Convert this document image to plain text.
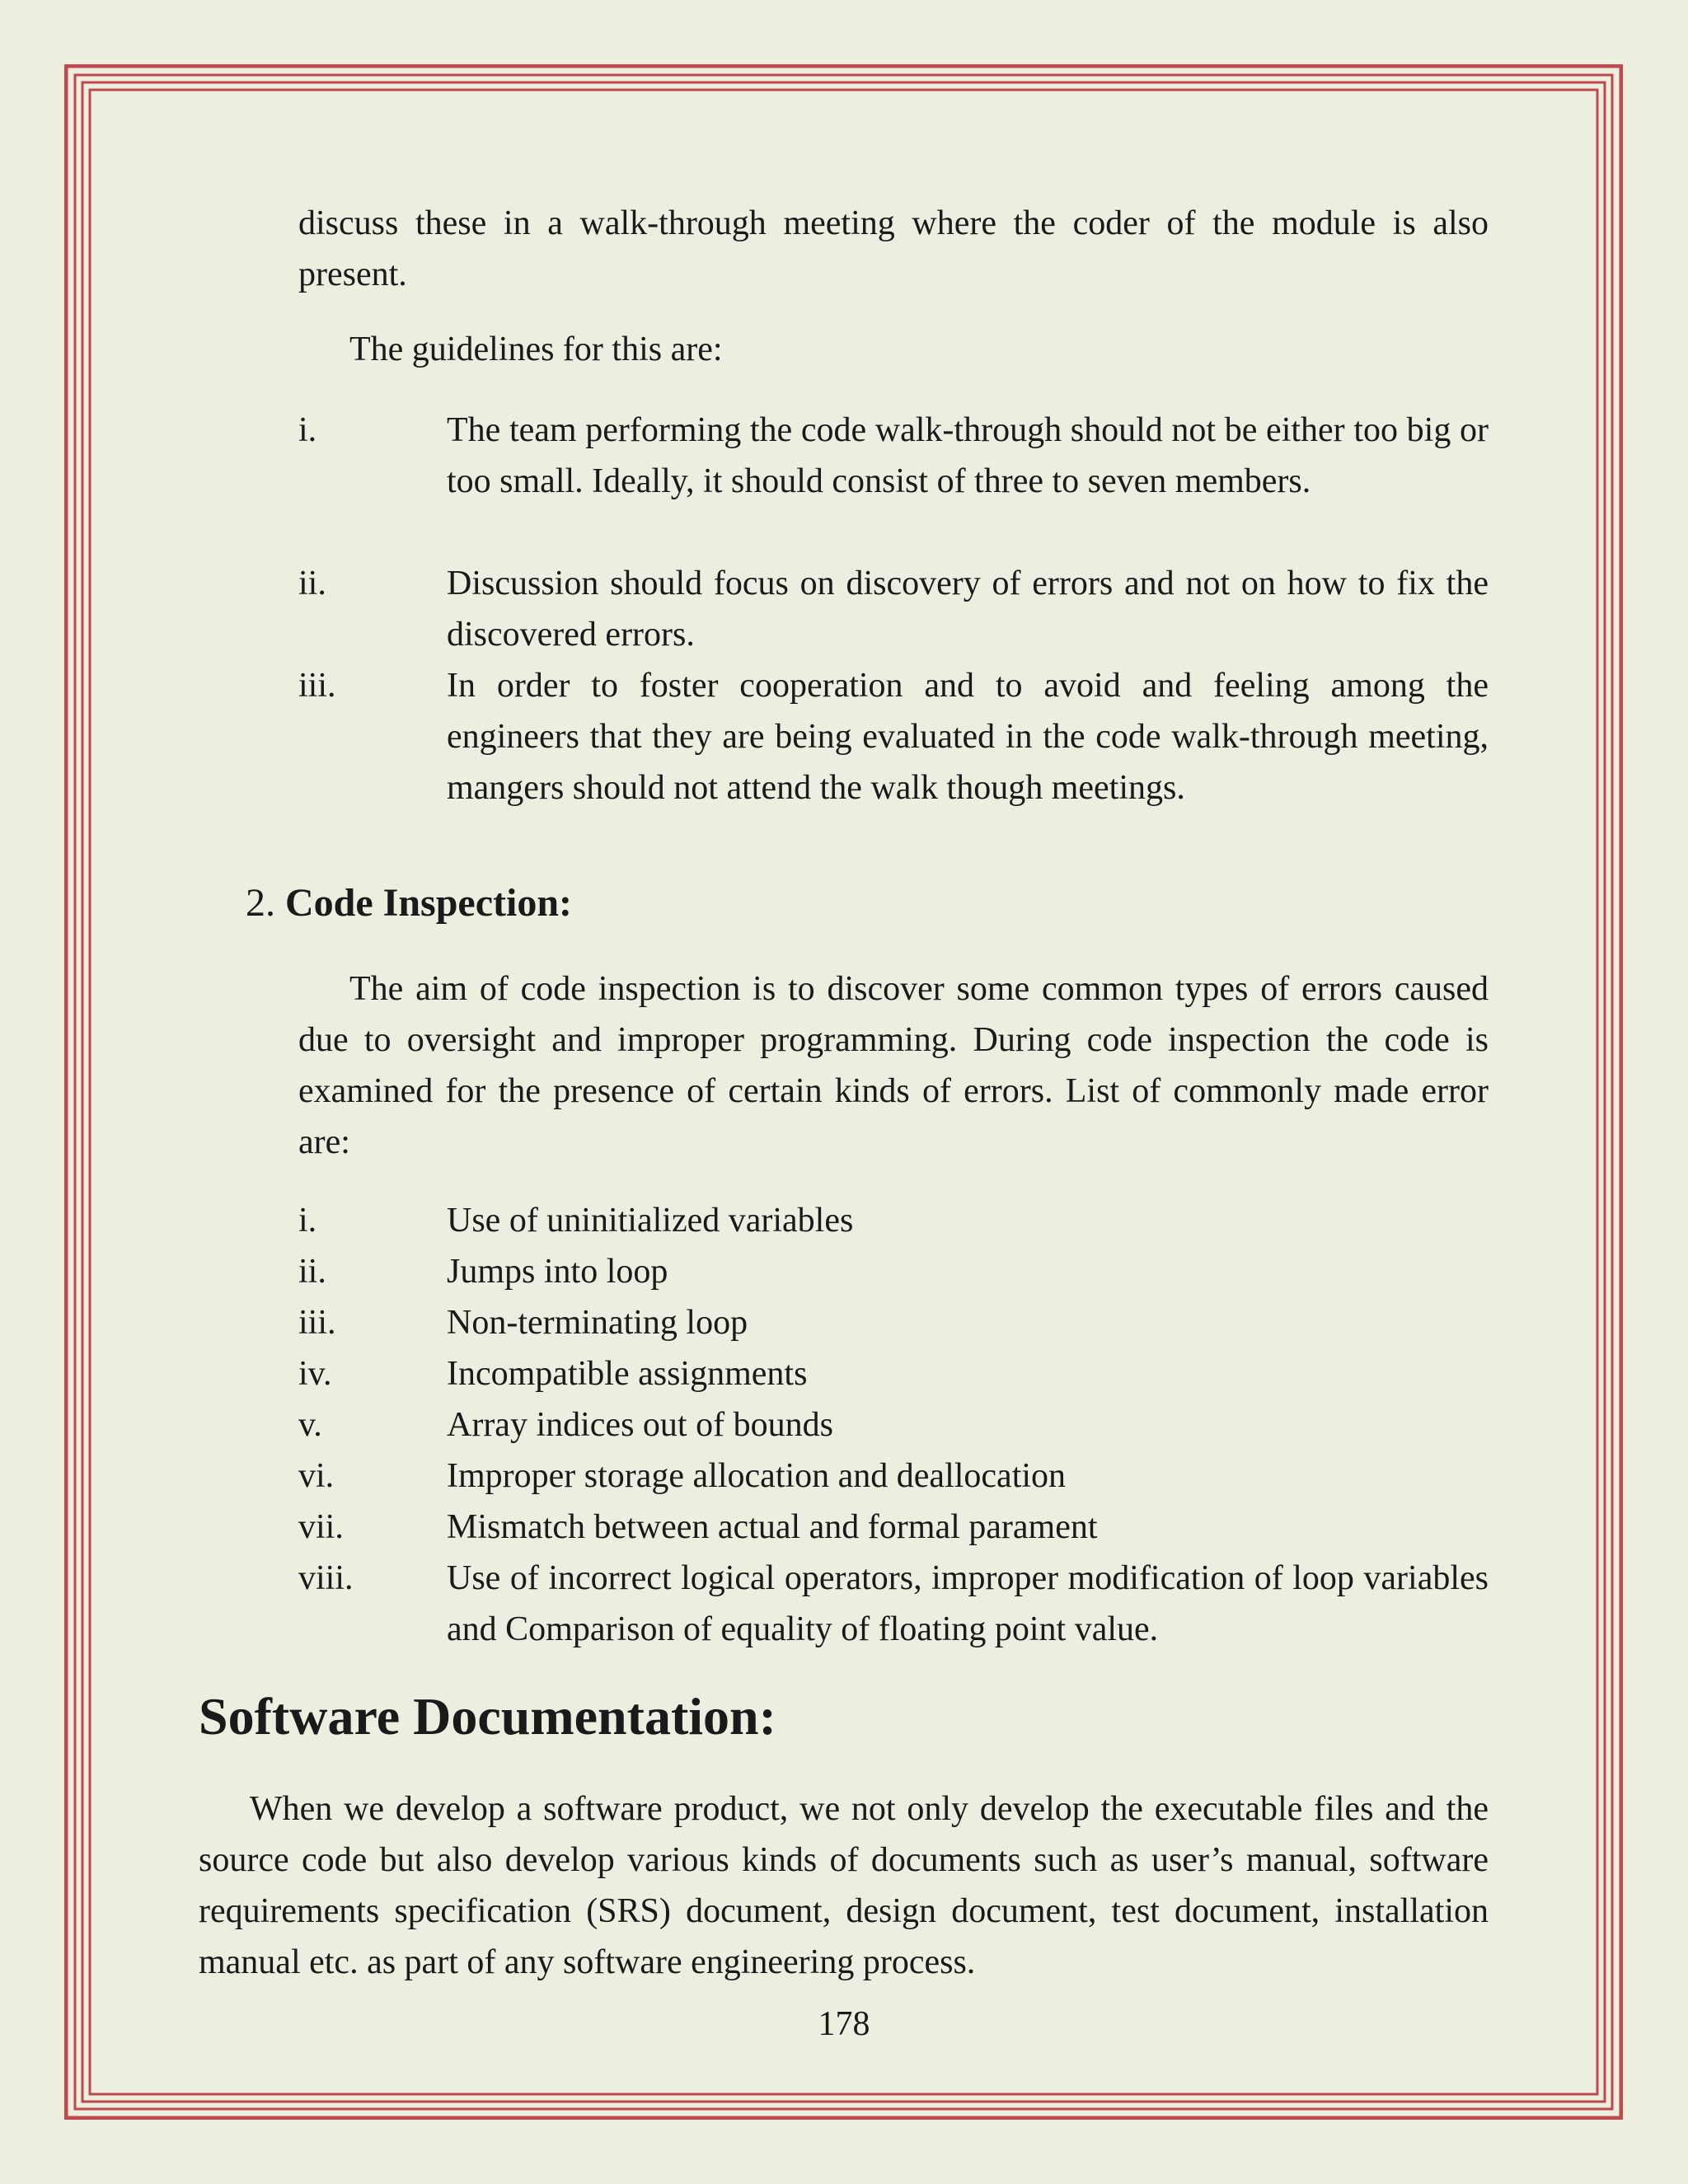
discuss these in a walk-through meeting where the coder of the module is also present.

The guidelines for this are:

i.	The team performing the code walk-through should not be either too big or too small. Ideally, it should consist of three to seven members.
ii.	Discussion should focus on discovery of errors and not on how to fix the discovered errors.
iii.	In order to foster cooperation and to avoid and feeling among the engineers that they are being evaluated in the code walk-through meeting, mangers should not attend the walk though meetings.
2. Code Inspection:

The aim of code inspection is to discover some common types of errors caused due to oversight and improper programming. During code inspection the code is examined for the presence of certain kinds of errors. List of commonly made error are:

i.	Use of uninitialized variables
ii.	Jumps into loop
iii.	Non-terminating loop
iv.	Incompatible assignments
v.	Array indices out of bounds
vi.	Improper storage allocation and deallocation
vii.	Mismatch between actual and formal parament
viii.	Use of incorrect logical operators, improper modification of loop variables and Comparison of equality of floating point value.
Software Documentation:

When we develop a software product, we not only develop the executable files and the source code but also develop various kinds of documents such as user’s manual, software requirements specification (SRS) document, design document, test document, installation manual etc. as part of any software engineering process.

178
